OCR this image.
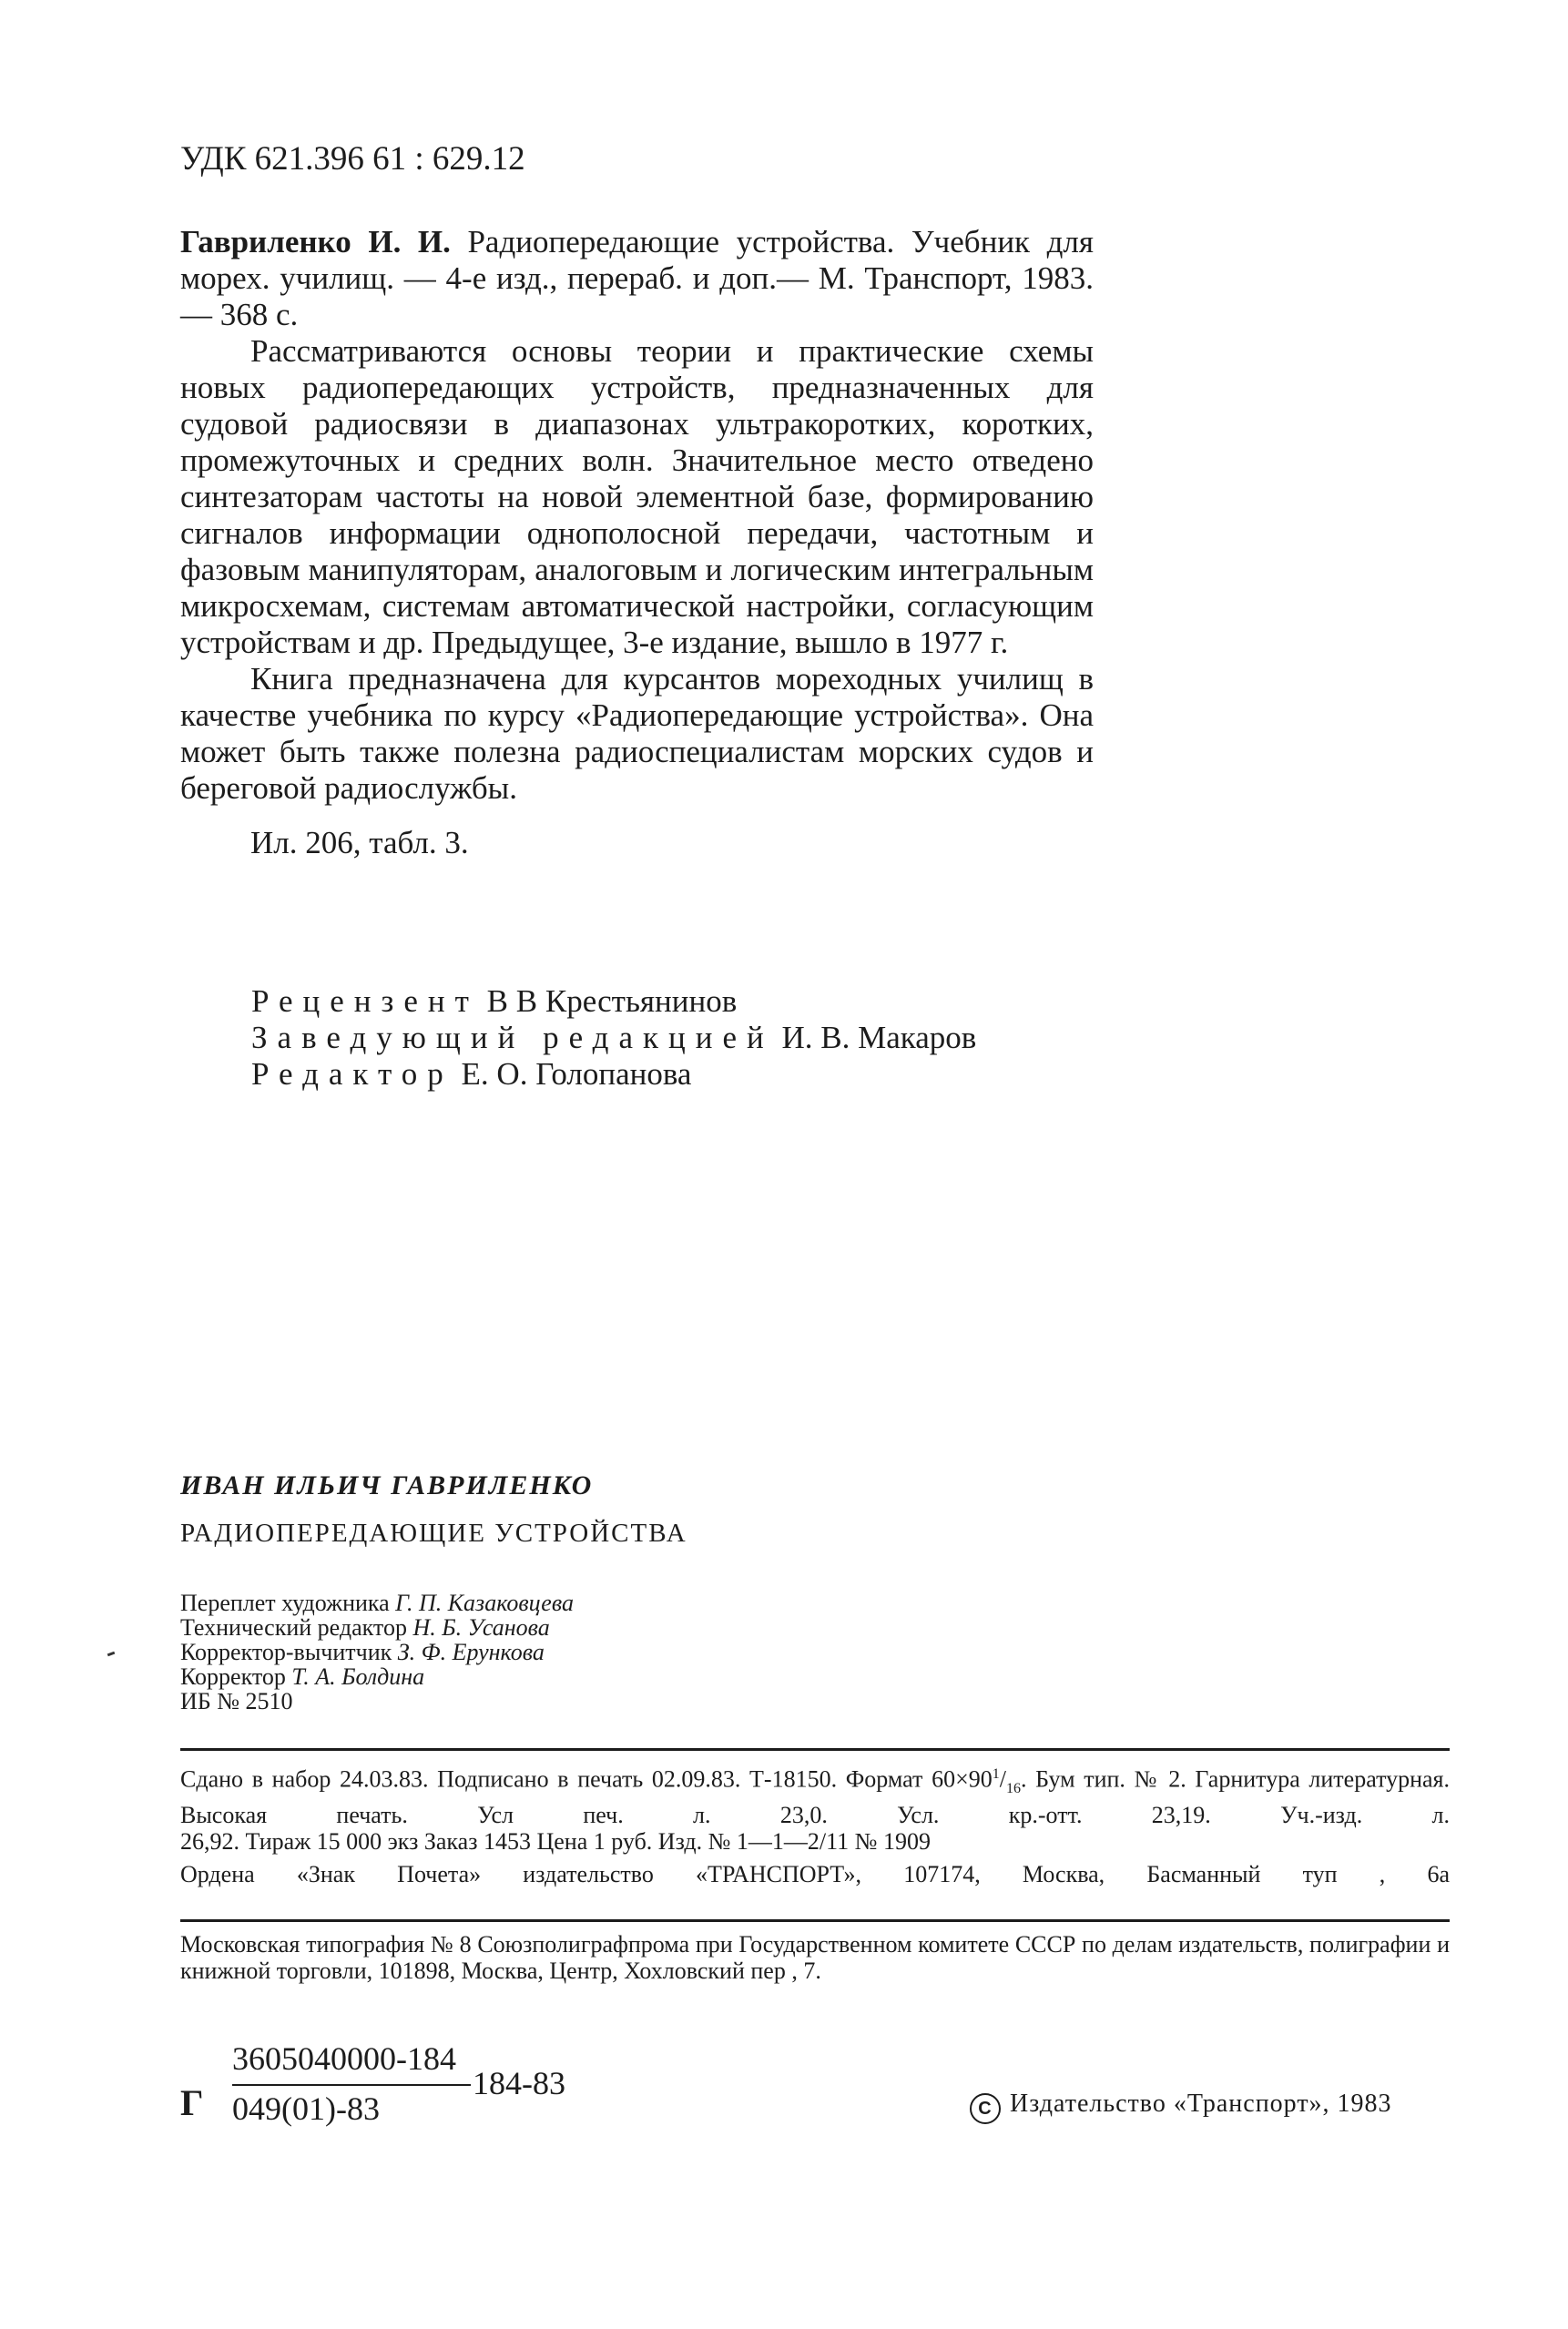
УДК 621.396 61 : 629.12

Гавриленко И. И. Радиопередающие устройства. Учебник для морех. училищ. — 4-е изд., перераб. и доп.— М. Транспорт, 1983. — 368 с.

Рассматриваются основы теории и практические схемы новых радиопередающих устройств, предназначенных для судовой радиосвязи в диапазонах ультракоротких, коротких, промежуточных и средних волн. Значительное место отведено синтезаторам частоты на новой элементной базе, формированию сигналов информации однополосной передачи, частотным и фазовым манипуляторам, аналоговым и логическим интегральным микросхемам, системам автоматической настройки, согласующим устройствам и др. Предыдущее, 3-е издание, вышло в 1977 г.

Книга предназначена для курсантов мореходных училищ в качестве учебника по курсу «Радиопередающие устройства». Она может быть также полезна радиоспециалистам морских судов и береговой радиослужбы.

Ил. 206, табл. 3.

Рецензент В В Крестьянинов
Заведующий редакцией И. В. Макаров
Редактор Е. О. Голопанова
ИВАН ИЛЬИЧ ГАВРИЛЕНКО
РАДИОПЕРЕДАЮЩИЕ УСТРОЙСТВА
Переплет художника Г. П. Казаковцева
Технический редактор Н. Б. Усанова
Корректор-вычитчик З. Ф. Ерункова
Корректор Т. А. Болдина
ИБ № 2510

Сдано в набор 24.03.83. Подписано в печать 02.09.83. Т-18150. Формат $60\times 90^1/_{16}$. Бум тип. № 2. Гарнитура литературная. Высокая печать. Усл печ. л. 23,0. Усл. кр.-отт. 23,19. Уч.-изд. л.

26,92. Тираж 15 000 экз Заказ 1453 Цена 1 руб. Изд. № 1—1—2/11 № 1909

Ордена «Знак Почета» издательство «ТРАНСПОРТ», 107174, Москва, Басманный туп , 6а
Московская типография № 8 Союзполиграфпрома при Государственном комитете СССР по делам издательств, полиграфии и книжной торговли, 101898, Москва, Центр, Хохловский пер , 7.
Г
3605040000-184
049(01)-83
184-83
C Издательство «Транспорт», 1983
